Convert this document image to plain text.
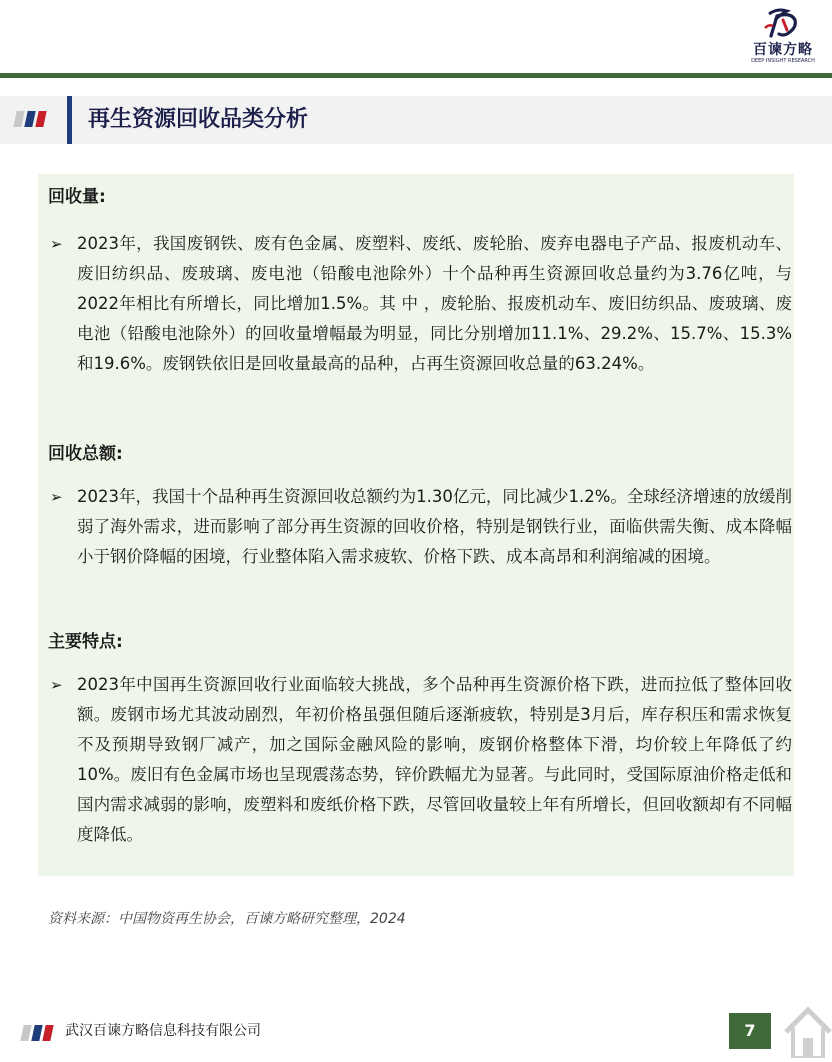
百谏方略
DEEP INSIGHT RESEARCH
再生资源回收品类分析
回收量:
➢ 2023年，我国废钢铁、废有色金属、废塑料、废纸、废轮胎、废弃电器电子产品、报废机动车、废旧纺织品、废玻璃、废电池（铅酸电池除外）十个品种再生资源回收总量约为3.76亿吨，与2022年相比有所增长，同比增加1.5%。其 中 ，废轮胎、报废机动车、废旧纺织品、废玻璃、废电池（铅酸电池除外）的回收量增幅最为明显，同比分别增加11.1%、29.2%、15.7%、15.3%和19.6%。废钢铁依旧是回收量最高的品种，占再生资源回收总量的63.24%。

回收总额:
➢ 2023年，我国十个品种再生资源回收总额约为1.30亿元，同比减少1.2%。全球经济增速的放缓削弱了海外需求，进而影响了部分再生资源的回收价格，特别是钢铁行业，面临供需失衡、成本降幅小于钢价降幅的困境，行业整体陷入需求疲软、价格下跌、成本高昂和利润缩减的困境。

主要特点:
➢ 2023年中国再生资源回收行业面临较大挑战，多个品种再生资源价格下跌，进而拉低了整体回收额。废钢市场尤其波动剧烈，年初价格虽强但随后逐渐疲软，特别是3月后，库存积压和需求恢复不及预期导致钢厂减产，加之国际金融风险的影响，废钢价格整体下滑，均价较上年降低了约10%。废旧有色金属市场也呈现震荡态势，锌价跌幅尤为显著。与此同时，受国际原油价格走低和国内需求减弱的影响，废塑料和废纸价格下跌，尽管回收量较上年有所增长，但回收额却有不同幅度降低。

资料来源：中国物资再生协会，百谏方略研究整理，2024
武汉百谏方略信息科技有限公司	7
